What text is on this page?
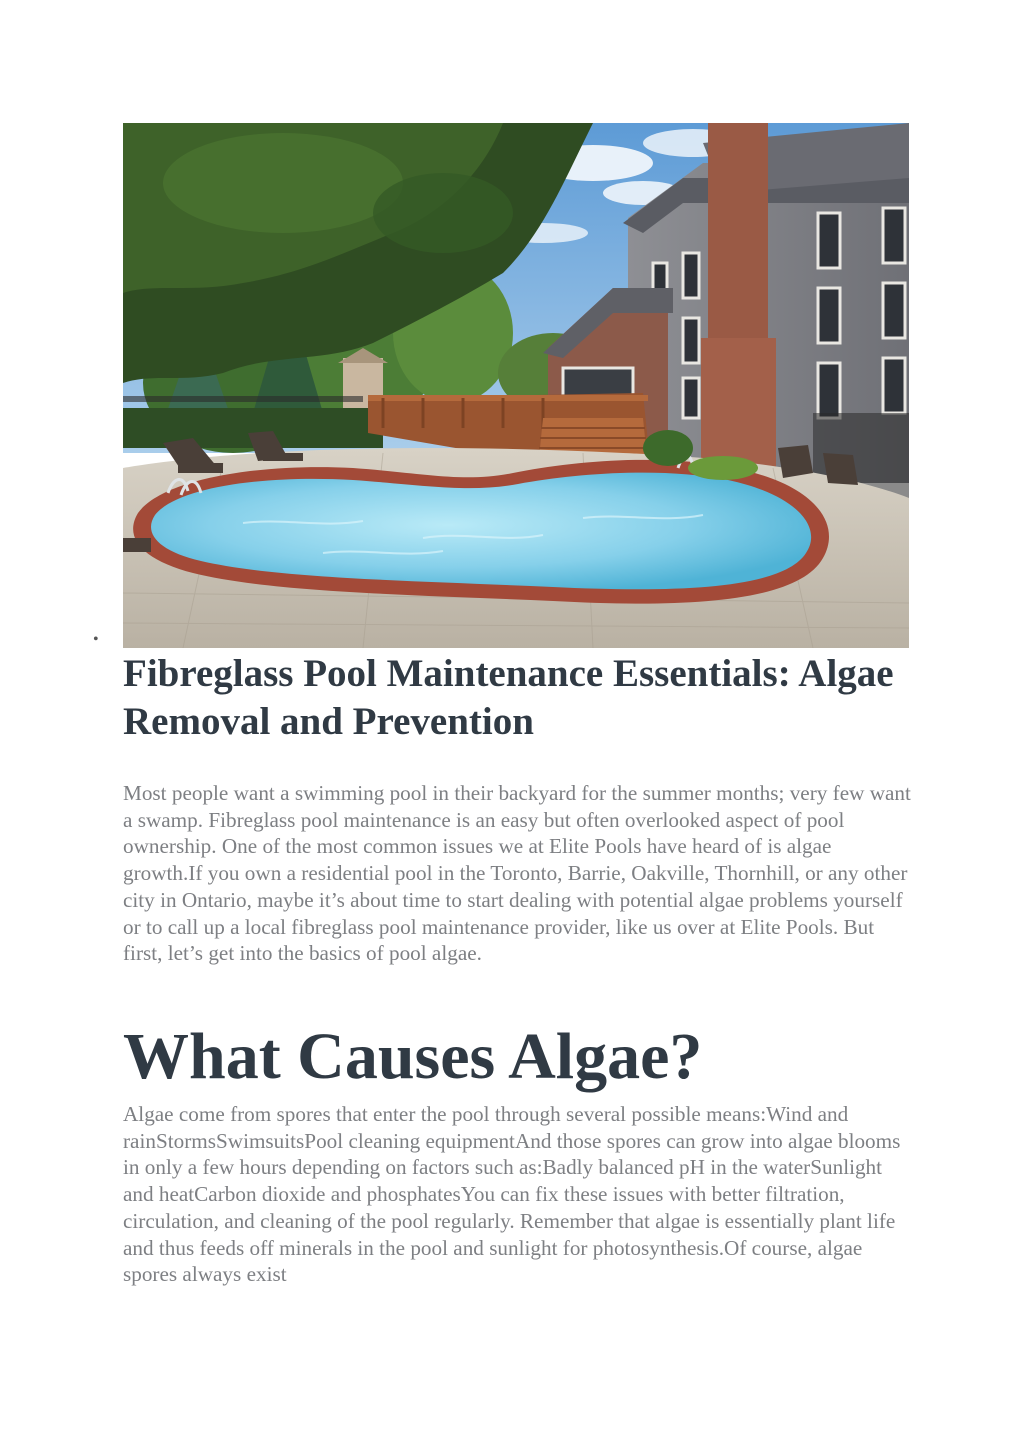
•
Fibreglass Pool Maintenance Essentials: Algae Removal and Prevention

Most people want a swimming pool in their backyard for the summer months; very few want a swamp. Fibreglass pool maintenance is an easy but often overlooked aspect of pool ownership. One of the most common issues we at Elite Pools have heard of is algae growth.If you own a residential pool in the Toronto, Barrie, Oakville, Thornhill, or any other city in Ontario, maybe it’s about time to start dealing with potential algae problems yourself or to call up a local fibreglass pool maintenance provider, like us over at Elite Pools. But first, let’s get into the basics of pool algae.

What Causes Algae?

Algae come from spores that enter the pool through several possible means:Wind and rainStormsSwimsuitsPool cleaning equipmentAnd those spores can grow into algae blooms in only a few hours depending on factors such as:Badly balanced pH in the waterSunlight and heatCarbon dioxide and phosphatesYou can fix these issues with better filtration, circulation, and cleaning of the pool regularly. Remember that algae is essentially plant life and thus feeds off minerals in the pool and sunlight for photosynthesis.Of course, algae spores always exist
